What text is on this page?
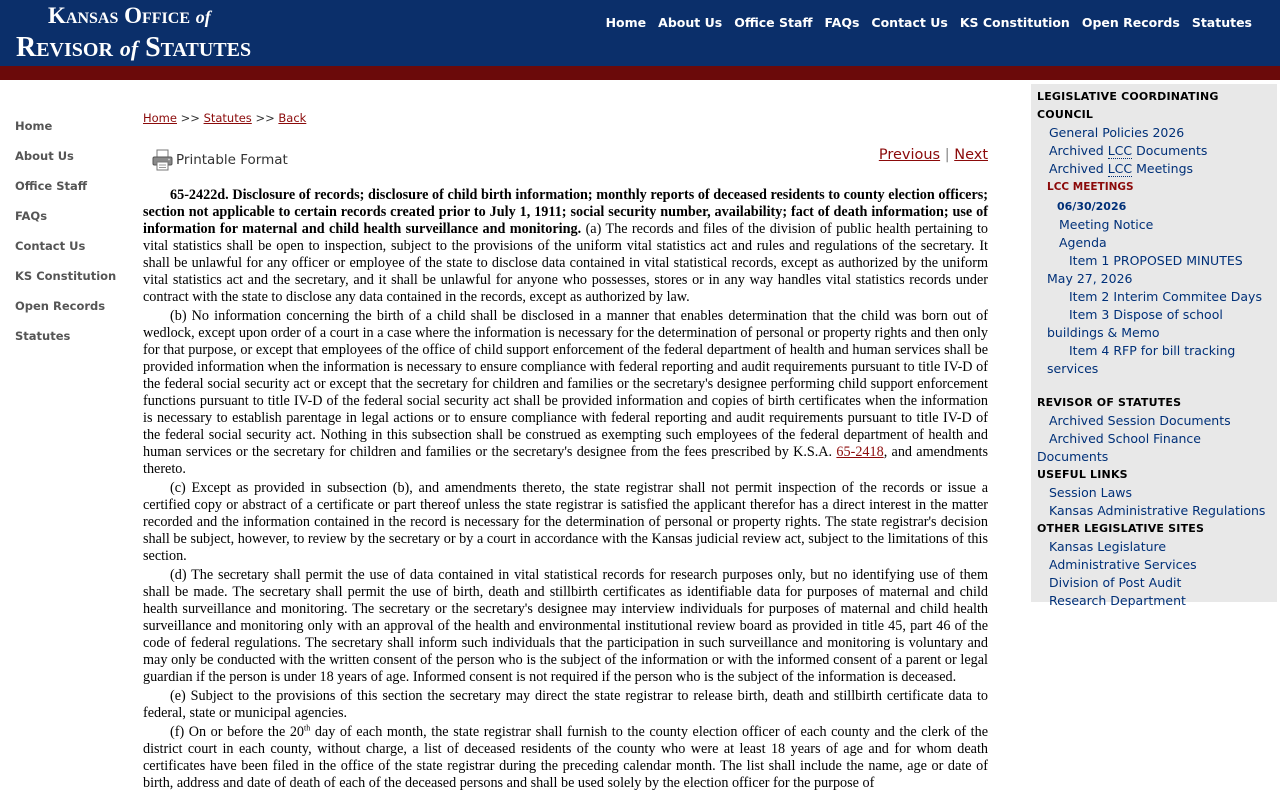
Kansas Office of
Revisor of Statutes
Home About Us Office Staff FAQs Contact Us KS Constitution Open Records Statutes
Home
About Us
Office Staff
FAQs
Contact Us
KS Constitution
Open Records
Statutes
Home >> Statutes >> Back
Printable Format	Previous | Next

65-2422d. Disclosure of records; disclosure of child birth information; monthly reports of deceased residents to county election officers; section not applicable to certain records created prior to July 1, 1911; social security number, availability; fact of death information; use of information for maternal and child health surveillance and monitoring. (a) The records and files of the division of public health pertaining to vital statistics shall be open to inspection, subject to the provisions of the uniform vital statistics act and rules and regulations of the secretary. It shall be unlawful for any officer or employee of the state to disclose data contained in vital statistical records, except as authorized by the uniform vital statistics act and the secretary, and it shall be unlawful for anyone who possesses, stores or in any way handles vital statistics records under contract with the state to disclose any data contained in the records, except as authorized by law.

(b) No information concerning the birth of a child shall be disclosed in a manner that enables determination that the child was born out of wedlock, except upon order of a court in a case where the information is necessary for the determination of personal or property rights and then only for that purpose, or except that employees of the office of child support enforcement of the federal department of health and human services shall be provided information when the information is necessary to ensure compliance with federal reporting and audit requirements pursuant to title IV-D of the federal social security act or except that the secretary for children and families or the secretary's designee performing child support enforcement functions pursuant to title IV-D of the federal social security act shall be provided information and copies of birth certificates when the information is necessary to establish parentage in legal actions or to ensure compliance with federal reporting and audit requirements pursuant to title IV-D of the federal social security act. Nothing in this subsection shall be construed as exempting such employees of the federal department of health and human services or the secretary for children and families or the secretary's designee from the fees prescribed by K.S.A. 65-2418, and amendments thereto.

(c) Except as provided in subsection (b), and amendments thereto, the state registrar shall not permit inspection of the records or issue a certified copy or abstract of a certificate or part thereof unless the state registrar is satisfied the applicant therefor has a direct interest in the matter recorded and the information contained in the record is necessary for the determination of personal or property rights. The state registrar's decision shall be subject, however, to review by the secretary or by a court in accordance with the Kansas judicial review act, subject to the limitations of this section.

(d) The secretary shall permit the use of data contained in vital statistical records for research purposes only, but no identifying use of them shall be made. The secretary shall permit the use of birth, death and stillbirth certificates as identifiable data for purposes of maternal and child health surveillance and monitoring. The secretary or the secretary's designee may interview individuals for purposes of maternal and child health surveillance and monitoring only with an approval of the health and environmental institutional review board as provided in title 45, part 46 of the code of federal regulations. The secretary shall inform such individuals that the participation in such surveillance and monitoring is voluntary and may only be conducted with the written consent of the person who is the subject of the information or with the informed consent of a parent or legal guardian if the person is under 18 years of age. Informed consent is not required if the person who is the subject of the information is deceased.

(e) Subject to the provisions of this section the secretary may direct the state registrar to release birth, death and stillbirth certificate data to federal, state or municipal agencies.

(f) On or before the 20th day of each month, the state registrar shall furnish to the county election officer of each county and the clerk of the district court in each county, without charge, a list of deceased residents of the county who were at least 18 years of age and for whom death certificates have been filed in the office of the state registrar during the preceding calendar month. The list shall include the name, age or date of birth, address and date of death of each of the deceased persons and shall be used solely by the election officer for the purpose of

LEGISLATIVE COORDINATING
COUNCIL
General Policies 2026
Archived LCC Documents
Archived LCC Meetings
LCC MEETINGS
06/30/2026
Meeting Notice
Agenda
Item 1 PROPOSED MINUTES May 27, 2026
Item 2 Interim Commitee Days
Item 3 Dispose of school buildings & Memo
Item 4 RFP for bill tracking services
REVISOR OF STATUTES
Archived Session Documents
Archived School Finance Documents
USEFUL LINKS
Session Laws
Kansas Administrative Regulations
OTHER LEGISLATIVE SITES
Kansas Legislature
Administrative Services
Division of Post Audit
Research Department
